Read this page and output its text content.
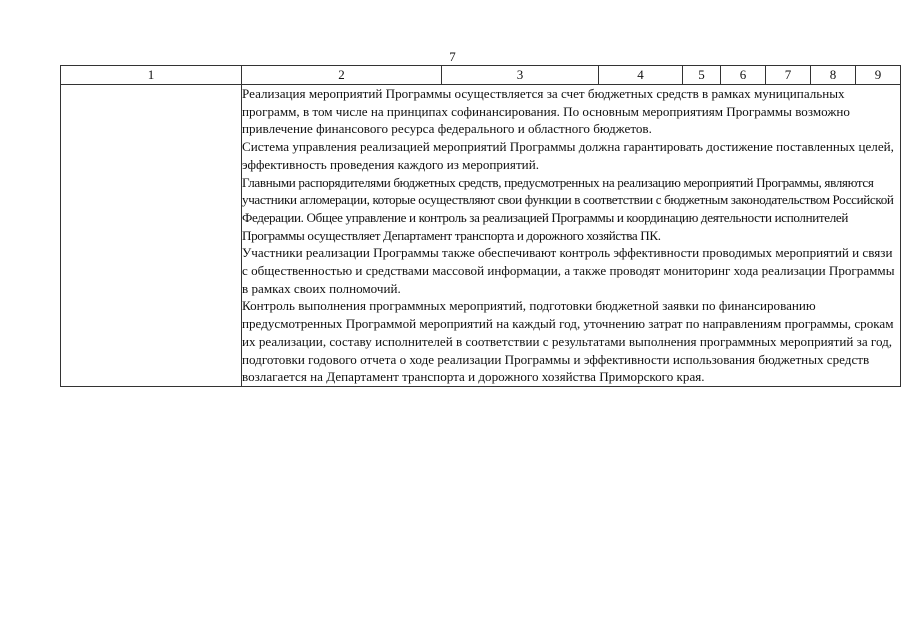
7
1	2	3	4	5	6	7	8	9

	Реализация мероприятий Программы осуществляется за счет бюджетных средств в рамках муниципальных программ, в том числе на принципах софинансирования. По основным мероприятиям Программы возможно привлечение финансового ресурса федерального и областного бюджетов.

Система управления реализацией мероприятий Программы должна гарантировать достижение поставленных целей, эффективность проведения каждого из мероприятий.

Главными распорядителями бюджетных средств, предусмотренных на реализацию мероприятий Программы, являются участники агломерации, которые осуществляют свои функции в соответствии с бюджетным законодательством Российской Федерации. Общее управление и контроль за реализацией Программы и координацию деятельности исполнителей Программы осуществляет Департамент транспорта и дорожного хозяйства ПК.

Участники реализации Программы также обеспечивают контроль эффективности проводимых мероприятий и связи с общественностью и средствами массовой информации, а также проводят мониторинг хода реализации Программы в рамках своих полномочий.

Контроль выполнения программных мероприятий, подготовки бюджетной заявки по финансированию предусмотренных Программой мероприятий на каждый год, уточнению затрат по направлениям программы, срокам их реализации, составу исполнителей в соответствии с результатами выполнения программных мероприятий за год, подготовки годового отчета о ходе реализации Программы и эффективности использования бюджетных средств возлагается на Департамент транспорта и дорожного хозяйства Приморского края.							
